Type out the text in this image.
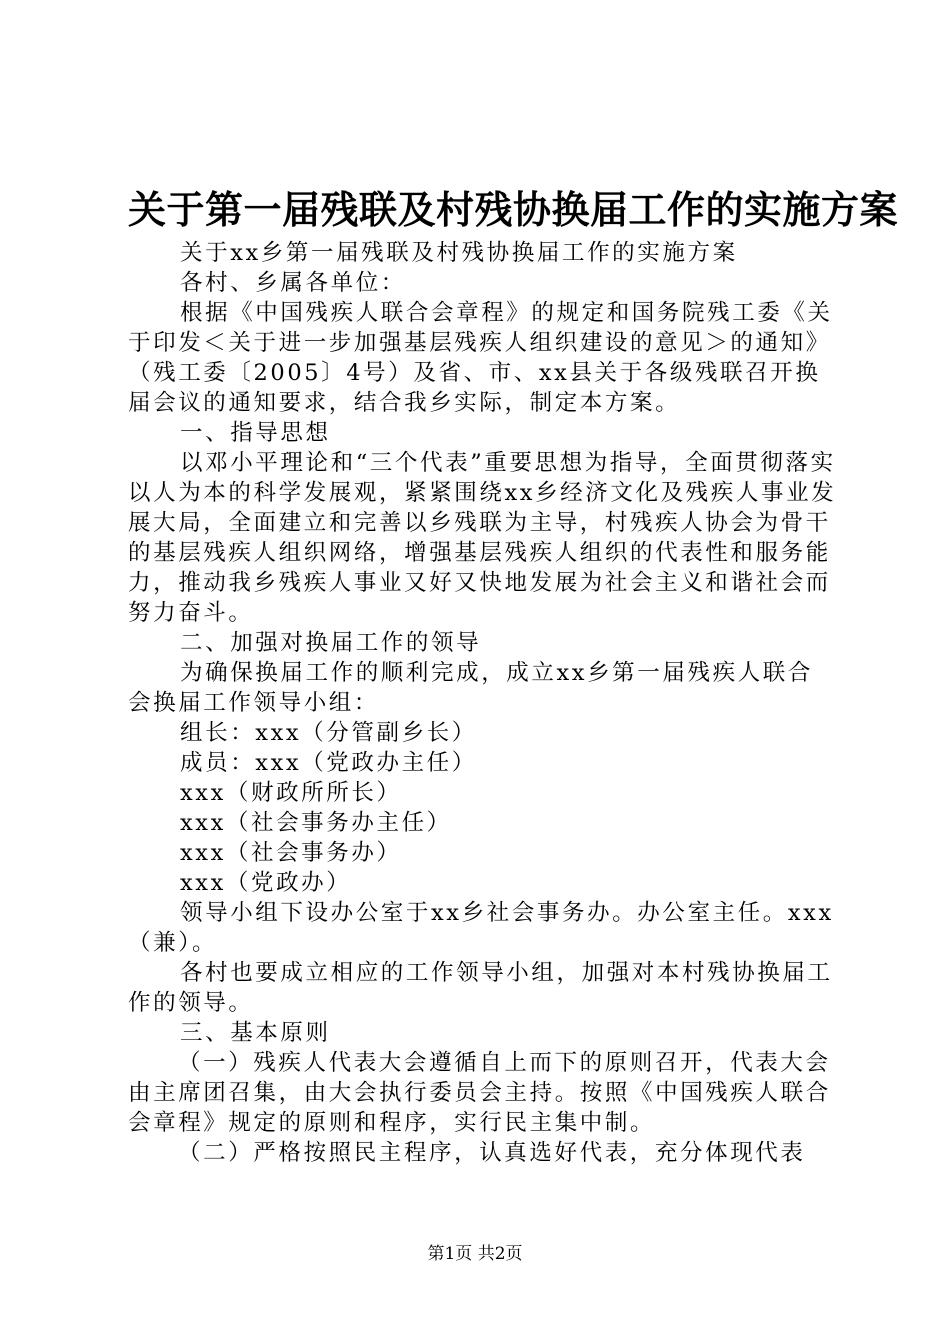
关于第一届残联及村残协换届工作的实施方案

关于xx乡第一届残联及村残协换届工作的实施方案

各村、乡属各单位：

根据《中国残疾人联合会章程》的规定和国务院残工委《关于印发＜关于进一步加强基层残疾人组织建设的意见＞的通知》（残工委〔2005〕4号）及省、市、xx县关于各级残联召开换届会议的通知要求，结合我乡实际，制定本方案。

一、指导思想

以邓小平理论和“三个代表”重要思想为指导，全面贯彻落实以人为本的科学发展观，紧紧围绕xx乡经济文化及残疾人事业发展大局，全面建立和完善以乡残联为主导，村残疾人协会为骨干的基层残疾人组织网络，增强基层残疾人组织的代表性和服务能力，推动我乡残疾人事业又好又快地发展为社会主义和谐社会而努力奋斗。

二、加强对换届工作的领导

为确保换届工作的顺利完成，成立xx乡第一届残疾人联合会换届工作领导小组：

组长：xxx（分管副乡长）

成员：xxx（党政办主任）

xxx（财政所所长）

xxx（社会事务办主任）

xxx（社会事务办）

xxx（党政办）

领导小组下设办公室于xx乡社会事务办。办公室主任。xxx（兼）。

各村也要成立相应的工作领导小组，加强对本村残协换届工作的领导。

三、基本原则

（一）残疾人代表大会遵循自上而下的原则召开，代表大会由主席团召集，由大会执行委员会主持。按照《中国残疾人联合会章程》规定的原则和程序，实行民主集中制。

（二）严格按照民主程序，认真选好代表，充分体现代表

第1页 共2页
